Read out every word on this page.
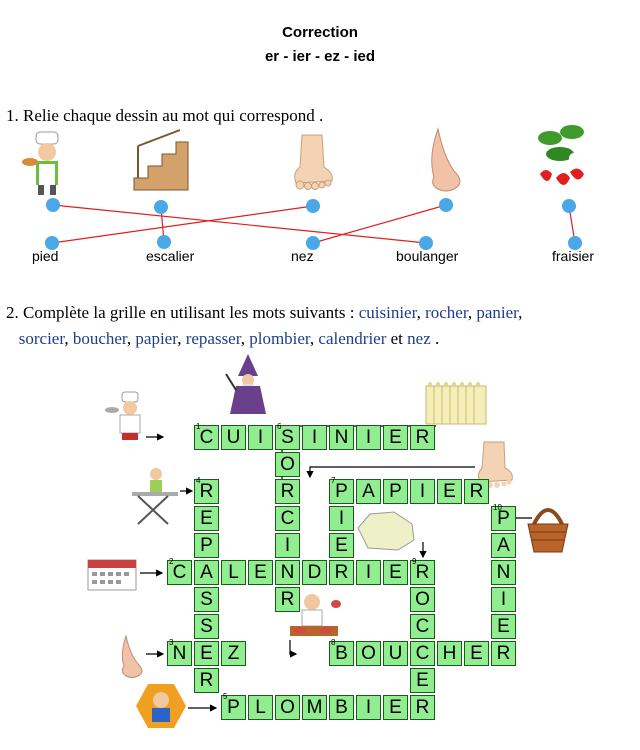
Correction
er - ier - ez - ied
1. Relie chaque dessin au mot qui correspond .
pied	escalier	nez	boulanger	fraisier
2. Complète la grille en utilisant les mots suivants : cuisinier, rocher, panier,
sorcier, boucher, papier, repasser, plombier, calendrier et nez .
C
1
U I S
6
I N I E R
O
R
4
R	P
7
A P I E R
E	C	I	P
10
P	I	E	A
C
2
A L E N D R I E R
9
N
S	R	O	I
S	C	E
N
3
E Z	B
8
O U C H E R
R	E
P
5
L O M B I E R
